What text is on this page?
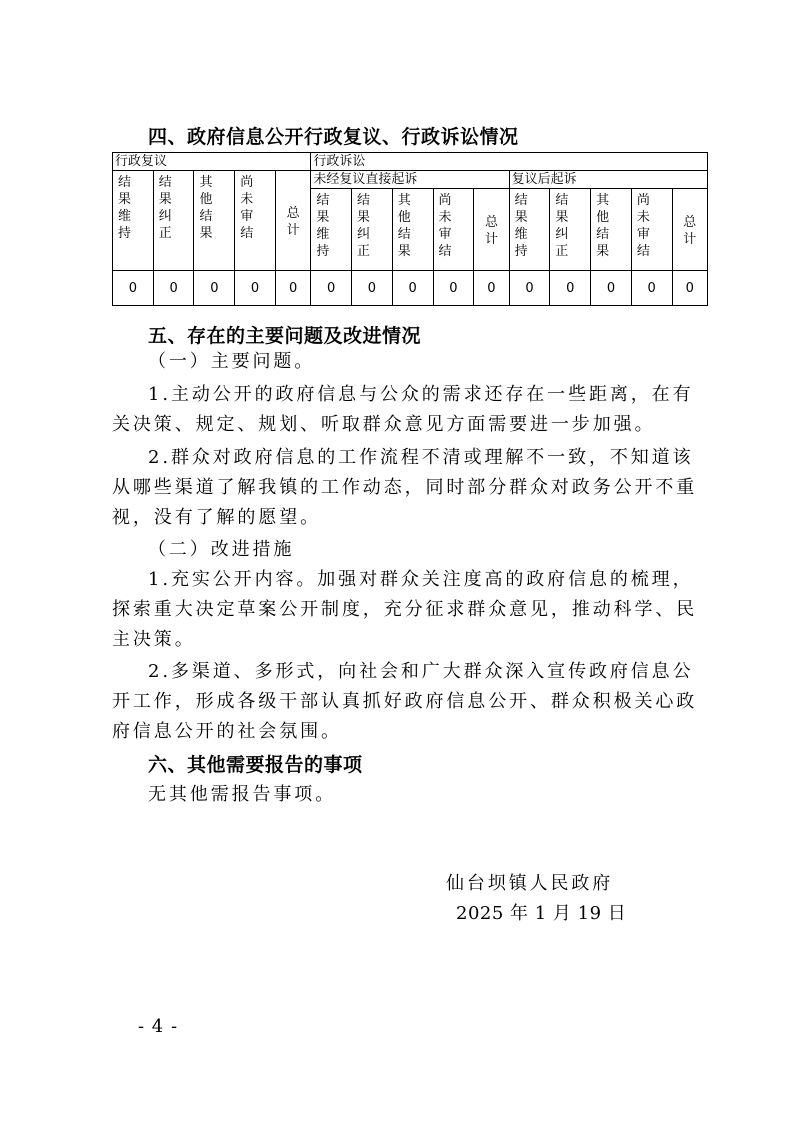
四、政府信息公开行政复议、行政诉讼情况
行政复议					行政诉讼									
结果维持	结果纠正	其他结果	尚未审结	总计	未经复议直接起诉					复议后起诉				
					结果维持	结果纠正	其他结果	尚未审结	总计	结果维持	结果纠正	其他结果	尚未审结	总计
0	0	0	0	0	0	0	0	0	0	0	0	0	0	0
五、存在的主要问题及改进情况
（一）主要问题。
1.主动公开的政府信息与公众的需求还存在一些距离，在有
关决策、规定、规划、听取群众意见方面需要进一步加强。
2.群众对政府信息的工作流程不清或理解不一致，不知道该
从哪些渠道了解我镇的工作动态，同时部分群众对政务公开不重
视，没有了解的愿望。
（二）改进措施
1.充实公开内容。加强对群众关注度高的政府信息的梳理，
探索重大决定草案公开制度，充分征求群众意见，推动科学、民
主决策。
2.多渠道、多形式，向社会和广大群众深入宣传政府信息公
开工作，形成各级干部认真抓好政府信息公开、群众积极关心政
府信息公开的社会氛围。
六、其他需要报告的事项
无其他需报告事项。
仙台坝镇人民政府
2025 年 1 月 19 日
- 4 -
